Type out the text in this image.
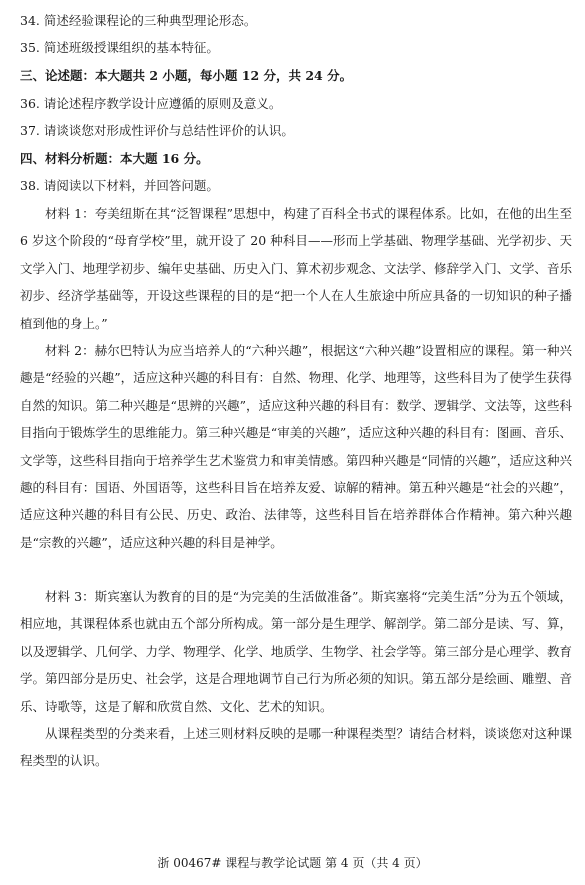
34. 简述经验课程论的三种典型理论形态。
35. 简述班级授课组织的基本特征。
三、论述题：本大题共 2 小题，每小题 12 分，共 24 分。
36. 请论述程序教学设计应遵循的原则及意义。
37. 请谈谈您对形成性评价与总结性评价的认识。
四、材料分析题：本大题 16 分。
38. 请阅读以下材料，并回答问题。
材料 1：夸美纽斯在其“泛智课程”思想中，构建了百科全书式的课程体系。比如，在他的出生至 6 岁这个阶段的“母育学校”里，就开设了 20 种科目——形而上学基础、物理学基础、光学初步、天文学入门、地理学初步、编年史基础、历史入门、算术初步观念、文法学、修辞学入门、文学、音乐初步、经济学基础等，开设这些课程的目的是“把一个人在人生旅途中所应具备的一切知识的种子播植到他的身上。”
材料 2：赫尔巴特认为应当培养人的“六种兴趣”，根据这“六种兴趣”设置相应的课程。第一种兴趣是“经验的兴趣”，适应这种兴趣的科目有：自然、物理、化学、地理等，这些科目为了使学生获得自然的知识。第二种兴趣是“思辨的兴趣”，适应这种兴趣的科目有：数学、逻辑学、文法等，这些科目指向于锻炼学生的思维能力。第三种兴趣是“审美的兴趣”，适应这种兴趣的科目有：图画、音乐、文学等，这些科目指向于培养学生艺术鉴赏力和审美情感。第四种兴趣是“同情的兴趣”，适应这种兴趣的科目有：国语、外国语等，这些科目旨在培养友爱、谅解的精神。第五种兴趣是“社会的兴趣”，适应这种兴趣的科目有公民、历史、政治、法律等，这些科目旨在培养群体合作精神。第六种兴趣是“宗教的兴趣”，适应这种兴趣的科目是神学。
材料 3：斯宾塞认为教育的目的是“为完美的生活做准备”。斯宾塞将“完美生活”分为五个领域，相应地，其课程体系也就由五个部分所构成。第一部分是生理学、解剖学。第二部分是读、写、算，以及逻辑学、几何学、力学、物理学、化学、地质学、生物学、社会学等。第三部分是心理学、教育学。第四部分是历史、社会学，这是合理地调节自己行为所必须的知识。第五部分是绘画、雕塑、音乐、诗歌等，这是了解和欣赏自然、文化、艺术的知识。
从课程类型的分类来看，上述三则材料反映的是哪一种课程类型？请结合材料，谈谈您对这种课程类型的认识。
浙 00467# 课程与教学论试题 第 4 页（共 4 页）
